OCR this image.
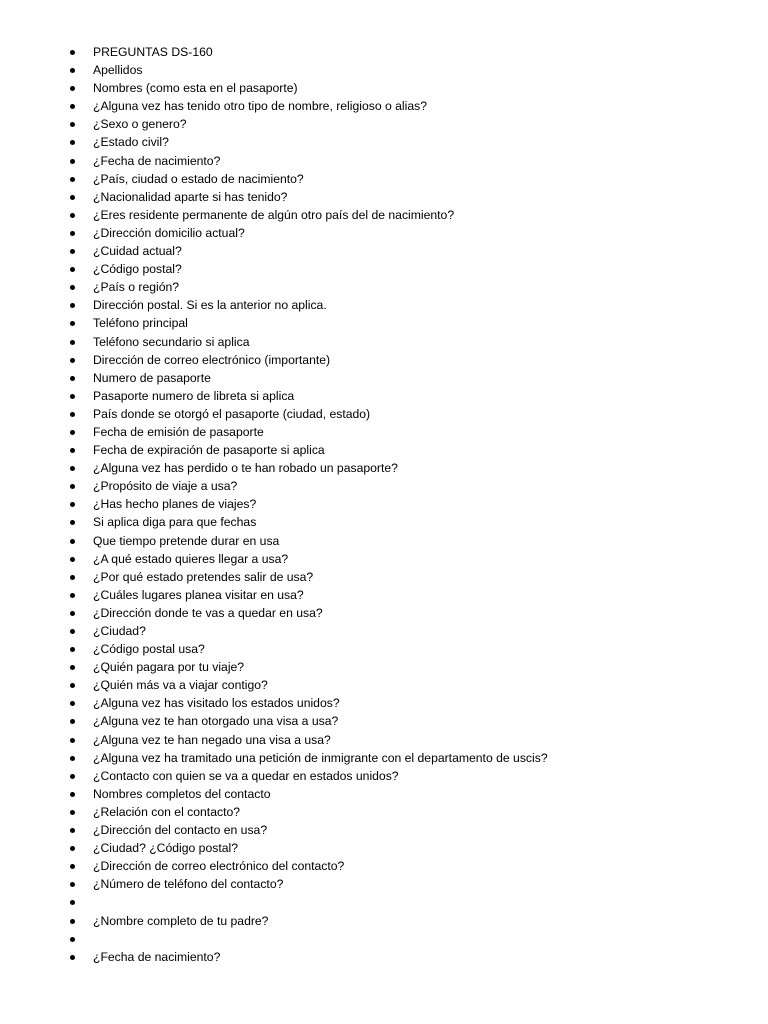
PREGUNTAS DS-160
Apellidos
Nombres (como esta en el pasaporte)
¿Alguna vez has tenido otro tipo de nombre, religioso o alias?
¿Sexo o genero?
¿Estado civil?
¿Fecha de nacimiento?
¿País, ciudad o estado de nacimiento?
¿Nacionalidad aparte si has tenido?
¿Eres residente permanente de algún otro país del de nacimiento?
¿Dirección domicilio actual?
¿Cuidad actual?
¿Código postal?
¿País o región?
Dirección postal. Si es la anterior no aplica.
Teléfono principal
Teléfono secundario si aplica
Dirección de correo electrónico (importante)
Numero de pasaporte
Pasaporte numero de libreta si aplica
País donde se otorgó el pasaporte (ciudad, estado)
Fecha de emisión de pasaporte
Fecha de expiración de pasaporte si aplica
¿Alguna vez has perdido o te han robado un pasaporte?
¿Propósito de viaje a usa?
¿Has hecho planes de viajes?
Si aplica diga para que fechas
Que tiempo pretende durar en usa
¿A qué estado quieres llegar a usa?
¿Por qué estado pretendes salir de usa?
¿Cuáles lugares planea visitar en usa?
¿Dirección donde te vas a quedar en usa?
¿Ciudad?
¿Código postal usa?
¿Quién pagara por tu viaje?
¿Quién más va a viajar contigo?
¿Alguna vez has visitado los estados unidos?
¿Alguna vez te han otorgado una visa a usa?
¿Alguna vez te han negado una visa a usa?
¿Alguna vez ha tramitado una petición de inmigrante con el departamento de uscis?
¿Contacto con quien se va a quedar en estados unidos?
Nombres completos del contacto
¿Relación con el contacto?
¿Dirección del contacto en usa?
¿Ciudad? ¿Código postal?
¿Dirección de correo electrónico del contacto?
¿Número de teléfono del contacto?
¿Nombre completo de tu padre?
¿Fecha de nacimiento?
